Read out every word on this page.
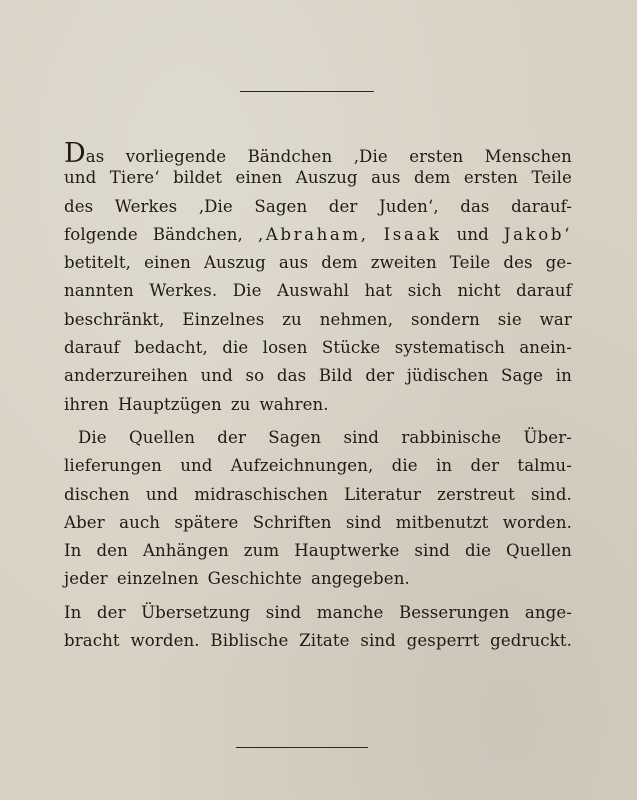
Das vorliegende Bändchen ‚Die ersten Menschen
und Tiere‘ bildet einen Auszug aus dem ersten Teile
des Werkes ‚Die Sagen der Juden‘, das darauf-
folgende Bändchen, ‚Abraham, Isaak und Jakob‘
betitelt, einen Auszug aus dem zweiten Teile des ge-
nannten Werkes. Die Auswahl hat sich nicht darauf
beschränkt, Einzelnes zu nehmen, sondern sie war
darauf bedacht, die losen Stücke systematisch anein-
anderzureihen und so das Bild der jüdischen Sage in
ihren Hauptzügen zu wahren.
Die Quellen der Sagen sind rabbinische Über-
lieferungen und Aufzeichnungen, die in der talmu-
dischen und midraschischen Literatur zerstreut sind.
Aber auch spätere Schriften sind mitbenutzt worden.
In den Anhängen zum Hauptwerke sind die Quellen
jeder einzelnen Geschichte angegeben.
In der Übersetzung sind manche Besserungen ange-
bracht worden. Biblische Zitate sind gesperrt gedruckt.
